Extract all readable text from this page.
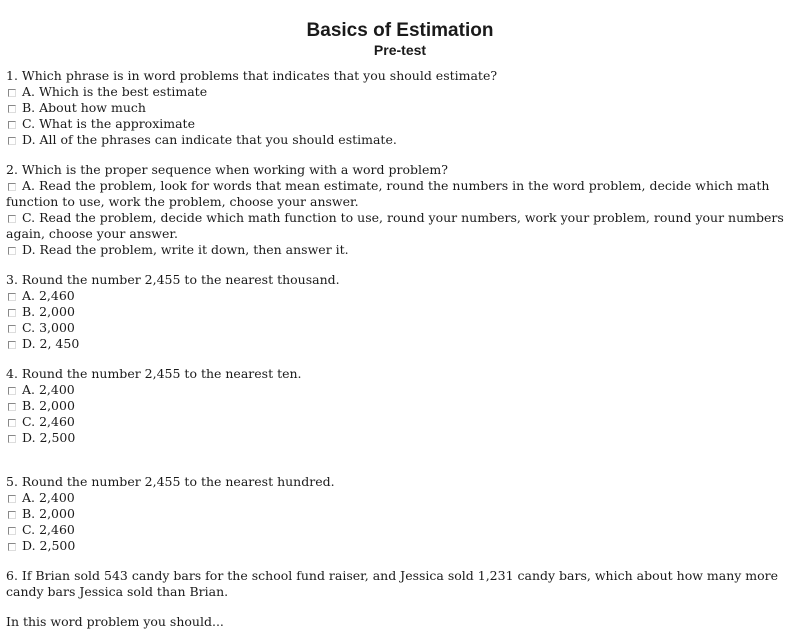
Basics of Estimation
Pre-test
1. Which phrase is in word problems that indicates that you should estimate?
A. Which is the best estimate
B. About how much
C. What is the approximate
D. All of the phrases can indicate that you should estimate.
2. Which is the proper sequence when working with a word problem?
A. Read the problem, look for words that mean estimate, round the numbers in the word problem, decide which math function to use, work the problem, choose your answer.
C. Read the problem, decide which math function to use, round your numbers, work your problem, round your numbers again, choose your answer.
D. Read the problem, write it down, then answer it.
3. Round the number 2,455 to the nearest thousand.
A. 2,460
B. 2,000
C. 3,000
D. 2, 450
4. Round the number 2,455 to the nearest ten.
A. 2,400
B. 2,000
C. 2,460
D. 2,500
5. Round the number 2,455 to the nearest hundred.
A. 2,400
B. 2,000
C. 2,460
D. 2,500
6. If Brian sold 543 candy bars for the school fund raiser, and Jessica sold 1,231 candy bars, which about how many more candy bars Jessica sold than Brian.
In this word problem you should...
